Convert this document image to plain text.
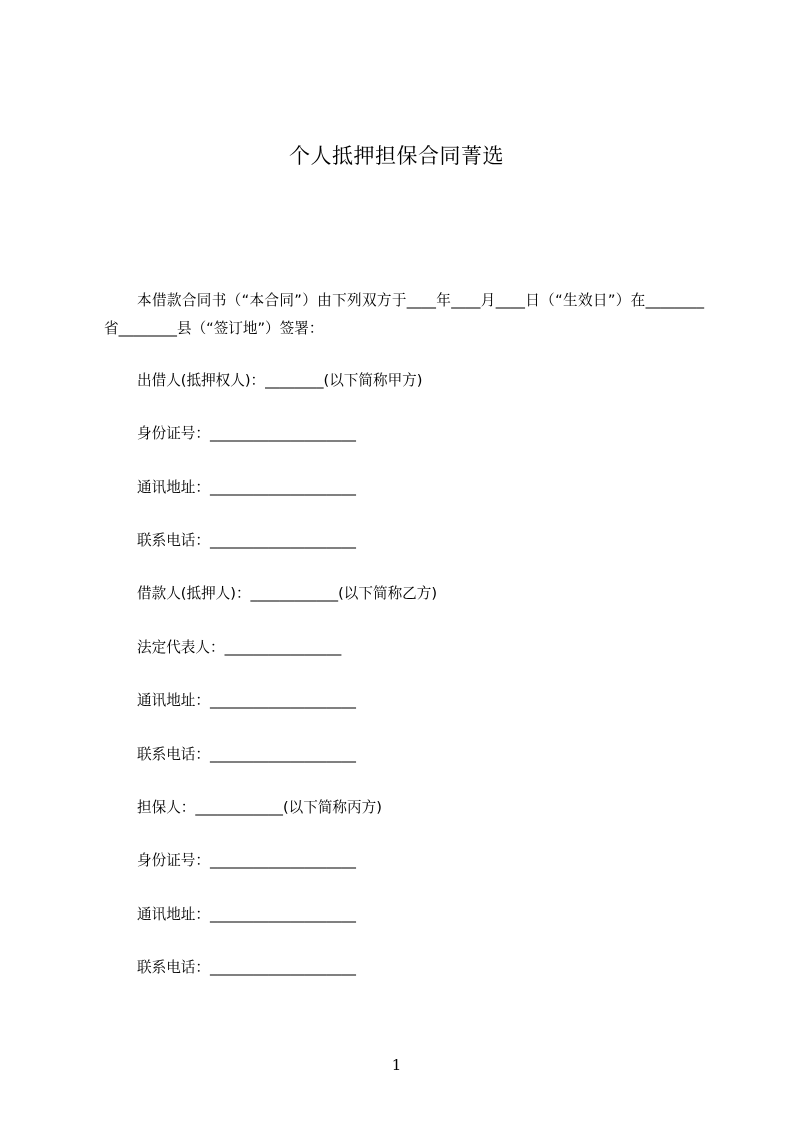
个人抵押担保合同菁选
本借款合同书（“本合同”）由下列双方于____年____月____日（“生效日”）在________省________县（“签订地”）签署：
出借人(抵押权人)：________(以下简称甲方)
身份证号：____________________
通讯地址：____________________
联系电话：____________________
借款人(抵押人)：____________(以下简称乙方)
法定代表人：________________
通讯地址：____________________
联系电话：____________________
担保人：____________(以下简称丙方)
身份证号：____________________
通讯地址：____________________
联系电话：____________________
1
